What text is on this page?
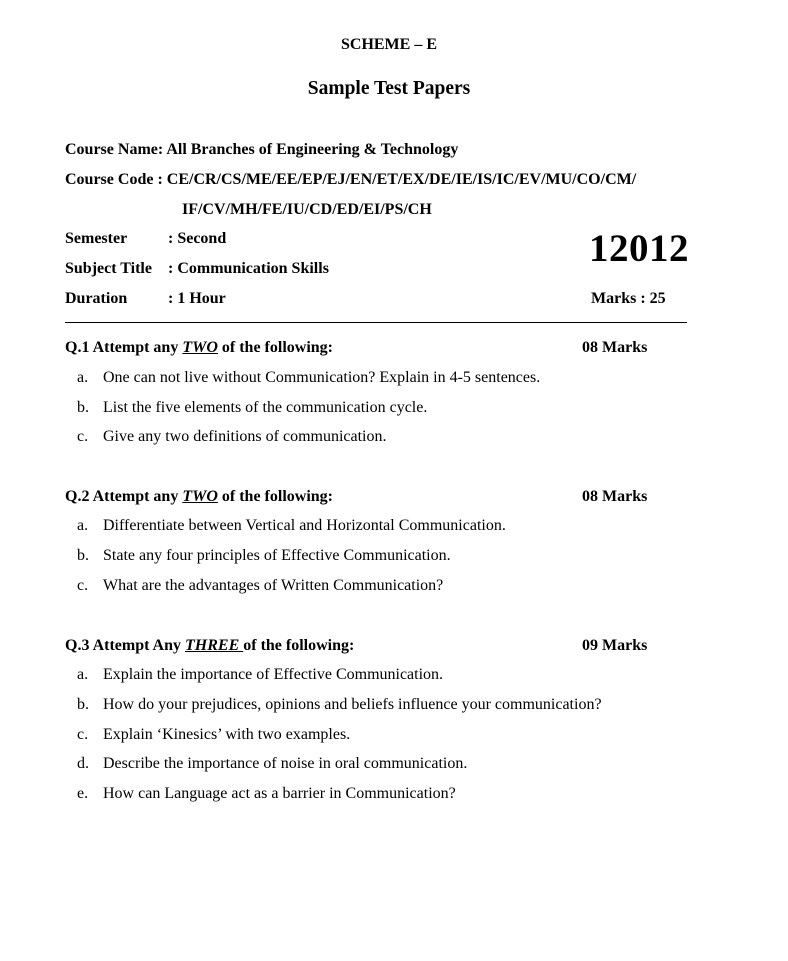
SCHEME – E
Sample Test Papers
Course Name: All Branches of Engineering & Technology
Course Code : CE/CR/CS/ME/EE/EP/EJ/EN/ET/EX/DE/IE/IS/IC/EV/MU/CO/CM/
IF/CV/MH/FE/IU/CD/ED/EI/PS/CH
Semester	: Second
Subject Title : Communication Skills
Duration	: 1 Hour
12012
Marks : 25
Q.1 Attempt any TWO of the following:	08 Marks
a. One can not live without Communication? Explain in 4-5 sentences.
b. List the five elements of the communication cycle.
c. Give any two definitions of communication.
Q.2 Attempt any TWO of the following:	08 Marks
a. Differentiate between Vertical and Horizontal Communication.
b. State any four principles of Effective Communication.
c. What are the advantages of Written Communication?
Q.3 Attempt Any THREE of the following:	09 Marks
a. Explain the importance of Effective Communication.
b. How do your prejudices, opinions and beliefs influence your communication?
c. Explain ‘Kinesics’ with two examples.
d. Describe the importance of noise in oral communication.
e. How can Language act as a barrier in Communication?
